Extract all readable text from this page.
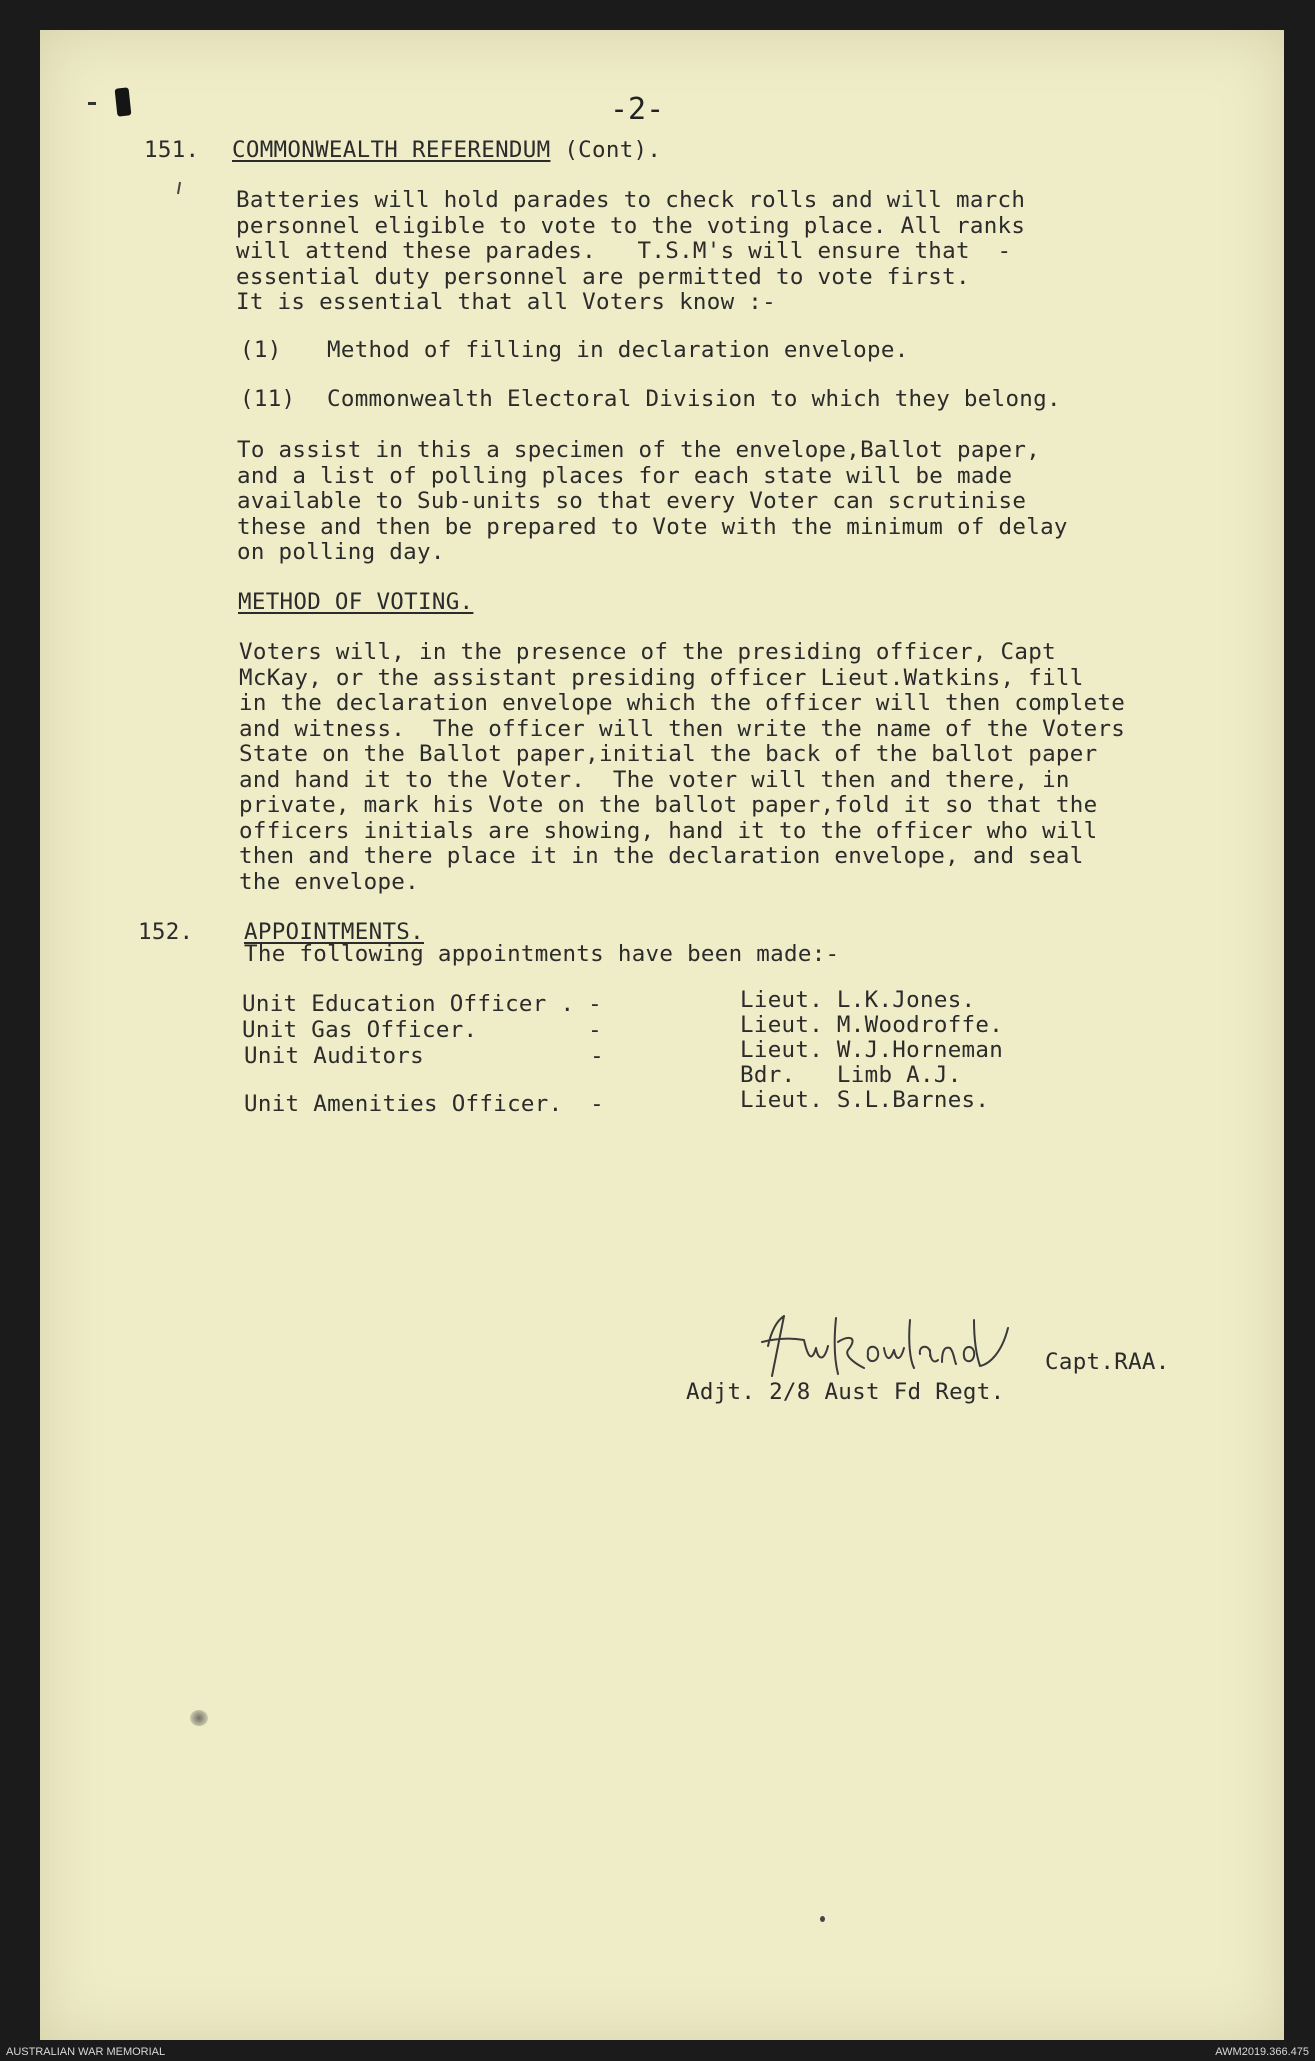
-2-
151. COMMONWEALTH REFERENDUM (Cont).
Batteries will hold parades to check rolls and will march
personnel eligible to vote to the voting place. All ranks
will attend these parades.   T.S.M's will ensure that  -
essential duty personnel are permitted to vote first.
It is essential that all Voters know :-
(1) Method of filling in declaration envelope.
(11) Commonwealth Electoral Division to which they belong.
To assist in this a specimen of the envelope,Ballot paper,
and a list of polling places for each state will be made
available to Sub-units so that every Voter can scrutinise
these and then be prepared to Vote with the minimum of delay
on polling day.
METHOD OF VOTING.
Voters will, in the presence of the presiding officer, Capt
McKay, or the assistant presiding officer Lieut.Watkins, fill
in the declaration envelope which the officer will then complete
and witness.  The officer will then write the name of the Voters
State on the Ballot paper,initial the back of the ballot paper
and hand it to the Voter.  The voter will then and there, in
private, mark his Vote on the ballot paper,fold it so that the
officers initials are showing, hand it to the officer who will
then and there place it in the declaration envelope, and seal
the envelope.
152. APPOINTMENTS.
The following appointments have been made:-
Unit Education Officer . -	Lieut. L.K.Jones.
Unit Gas Officer.        -	Lieut. M.Woodroffe.
Unit Auditors            -	Lieut. W.J.Horneman
Bdr.   Limb A.J.
Unit Amenities Officer.  -	Lieut. S.L.Barnes.
Capt.RAA.
Adjt. 2/8 Aust Fd Regt.
AUSTRALIAN WAR MEMORIAL	AWM2019.366.475
